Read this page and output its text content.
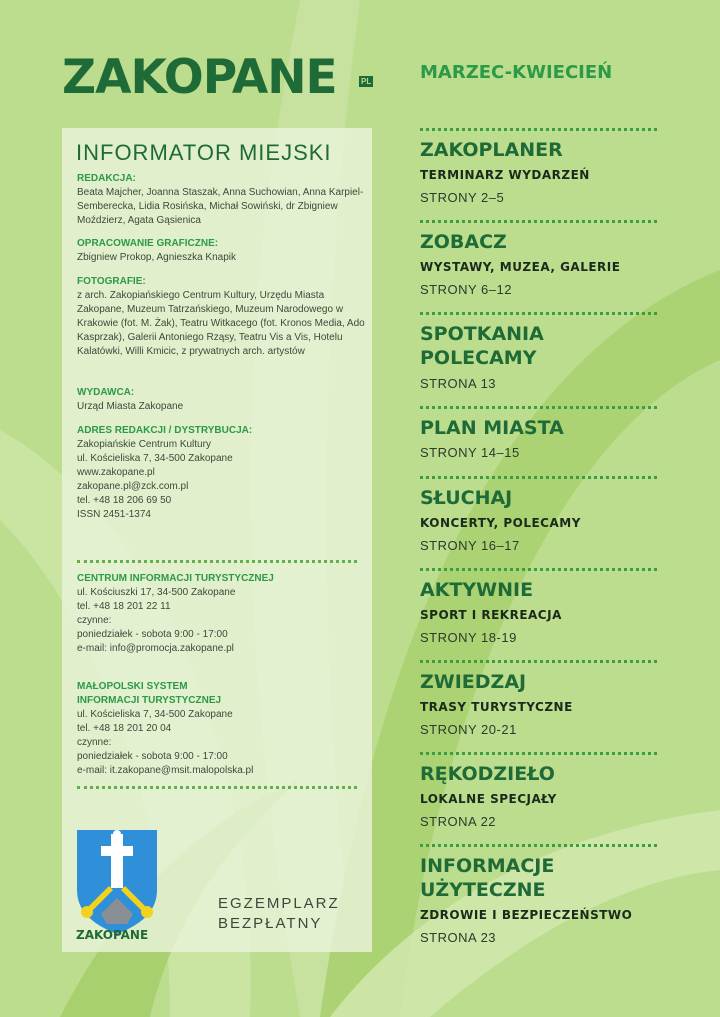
ZAKOPANE	PL	MARZEC-KWIECIEŃ
INFORMATOR MIEJSKI
REDAKCJA:
Beata Majcher, Joanna Staszak, Anna Suchowian, Anna Karpiel-Semberecka, Lidia Rosińska, Michał Sowiński, dr Zbigniew Moździerz, Agata Gąsienica
OPRACOWANIE GRAFICZNE:
Zbigniew Prokop, Agnieszka Knapik
FOTOGRAFIE:
z arch. Zakopiańskiego Centrum Kultury, Urzędu Miasta Zakopane, Muzeum Tatrzańskiego, Muzeum Narodowego w Krakowie (fot. M. Żak), Teatru Witkacego (fot. Kronos Media, Ado Kasprzak), Galerii Antoniego Rząsy, Teatru Vis a Vis, Hotelu Kalatówki, Willi Kmicic, z prywatnych arch. artystów
WYDAWCA:
Urząd Miasta Zakopane
ADRES REDAKCJI / DYSTRYBUCJA:
Zakopiańskie Centrum Kultury
ul. Kościeliska 7, 34-500 Zakopane
www.zakopane.pl
zakopane.pl@zck.com.pl
tel. +48 18 206 69 50
ISSN 2451-1374
CENTRUM INFORMACJI TURYSTYCZNEJ
ul. Kościuszki 17, 34-500 Zakopane
tel. +48 18 201 22 11
czynne:
poniedziałek - sobota 9:00 - 17:00
e-mail: info@promocja.zakopane.pl
MAŁOPOLSKI SYSTEM
INFORMACJI TURYSTYCZNEJ
ul. Kościeliska 7, 34-500 Zakopane
tel. +48 18 201 20 04
czynne:
poniedziałek - sobota 9:00 - 17:00
e-mail: it.zakopane@msit.malopolska.pl
ZAKOPANE
EGZEMPLARZ
BEZPŁATNY
ZAKOPLANER
TERMINARZ WYDARZEŃ
STRONY 2–5
ZOBACZ
WYSTAWY, MUZEA, GALERIE
STRONY 6–12
SPOTKANIA
POLECAMY
STRONA 13
PLAN MIASTA
STRONY 14–15
SŁUCHAJ
KONCERTY, POLECAMY
STRONY 16–17
AKTYWNIE
SPORT I REKREACJA
STRONY 18-19
ZWIEDZAJ
TRASY TURYSTYCZNE
STRONY 20-21
RĘKODZIEŁO
LOKALNE SPECJAŁY
STRONA 22
INFORMACJE
UŻYTECZNE
ZDROWIE I BEZPIECZEŃSTWO
STRONA 23
